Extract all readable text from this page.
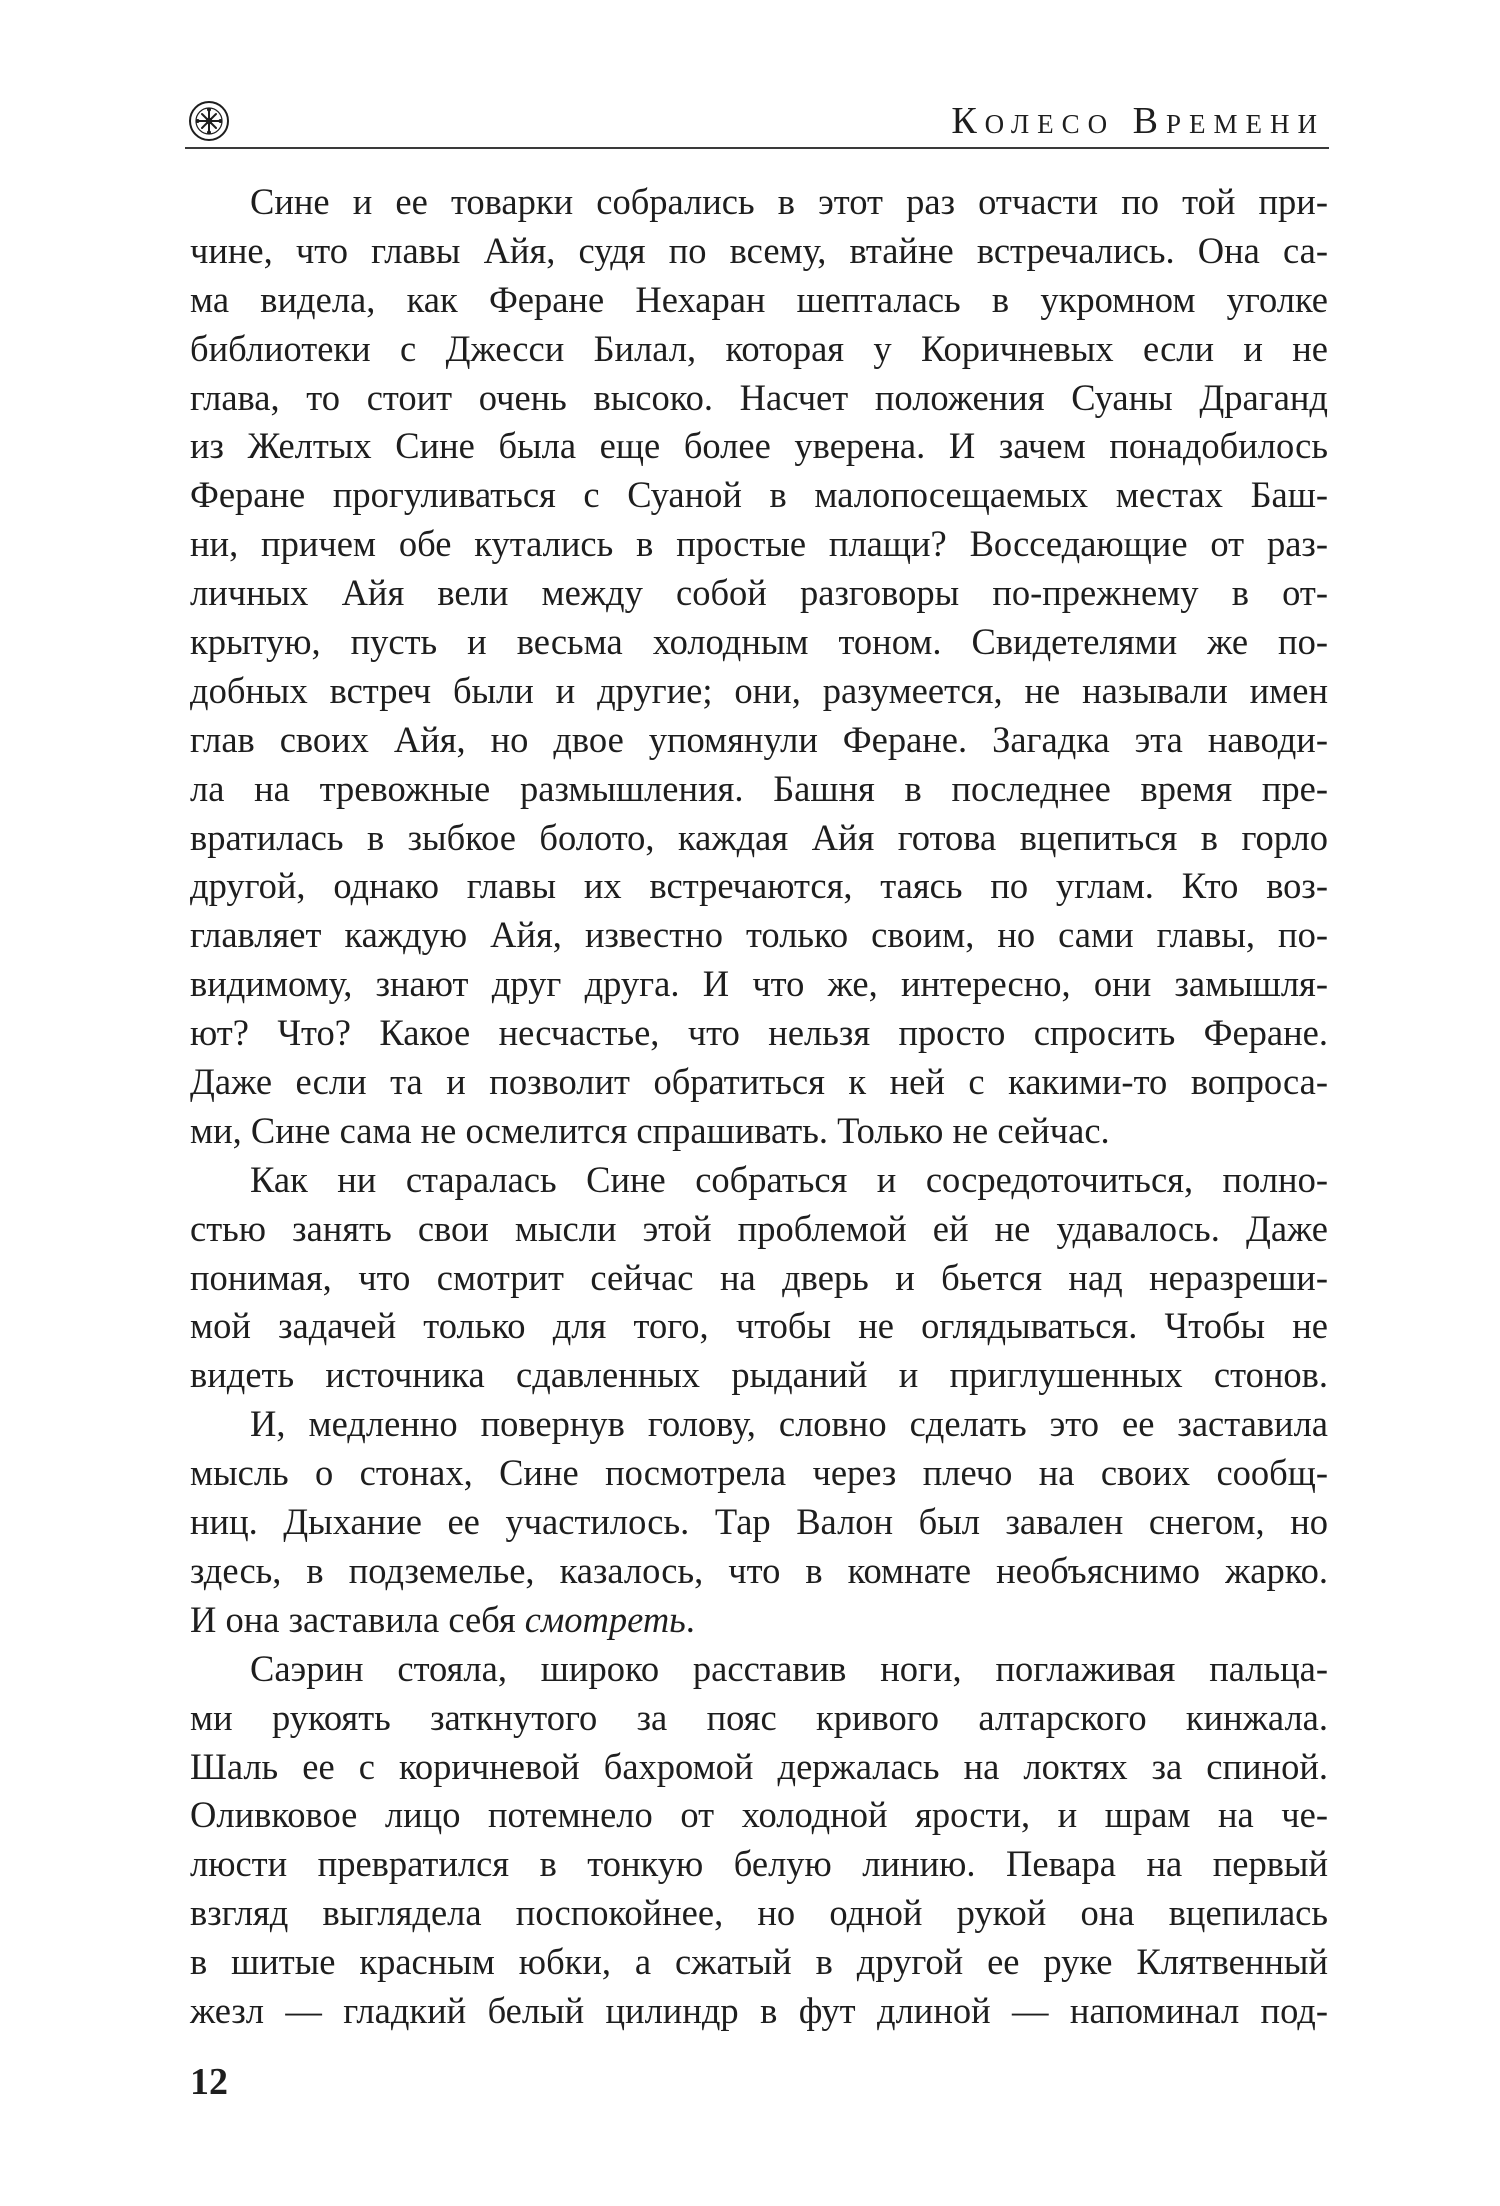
Колесо Времени
Сине и ее товарки собрались в этот раз отчасти по той при-
чине, что главы Айя, судя по всему, втайне встречались. Она са-
ма видела, как Феране Нехаран шепталась в укромном уголке
библиотеки с Джесси Билал, которая у Коричневых если и не
глава, то стоит очень высоко. Насчет положения Суаны Драганд
из Желтых Сине была еще более уверена. И зачем понадобилось
Феране прогуливаться с Суаной в малопосещаемых местах Баш-
ни, причем обе кутались в простые плащи? Восседающие от раз-
личных Айя вели между собой разговоры по-прежнему в от-
крытую, пусть и весьма холодным тоном. Свидетелями же по-
добных встреч были и другие; они, разумеется, не называли имен
глав своих Айя, но двое упомянули Феране. Загадка эта наводи-
ла на тревожные размышления. Башня в последнее время пре-
вратилась в зыбкое болото, каждая Айя готова вцепиться в горло
другой, однако главы их встречаются, таясь по углам. Кто воз-
главляет каждую Айя, известно только своим, но сами главы, по-
видимому, знают друг друга. И что же, интересно, они замышля-
ют? Что? Какое несчастье, что нельзя просто спросить Феране.
Даже если та и позволит обратиться к ней с какими-то вопроса-
ми, Сине сама не осмелится спрашивать. Только не сейчас.
Как ни старалась Сине собраться и сосредоточиться, полно-
стью занять свои мысли этой проблемой ей не удавалось. Даже
понимая, что смотрит сейчас на дверь и бьется над неразреши-
мой задачей только для того, чтобы не оглядываться. Чтобы не
видеть источника сдавленных рыданий и приглушенных стонов.
И, медленно повернув голову, словно сделать это ее заставила
мысль о стонах, Сине посмотрела через плечо на своих сообщ-
ниц. Дыхание ее участилось. Тар Валон был завален снегом, но
здесь, в подземелье, казалось, что в комнате необъяснимо жарко.
И она заставила себя смотреть.
Саэрин стояла, широко расставив ноги, поглаживая пальца-
ми рукоять заткнутого за пояс кривого алтарского кинжала.
Шаль ее с коричневой бахромой держалась на локтях за спиной.
Оливковое лицо потемнело от холодной ярости, и шрам на че-
люсти превратился в тонкую белую линию. Певара на первый
взгляд выглядела поспокойнее, но одной рукой она вцепилась
в шитые красным юбки, а сжатый в другой ее руке Клятвенный
жезл — гладкий белый цилиндр в фут длиной — напоминал под-
12
